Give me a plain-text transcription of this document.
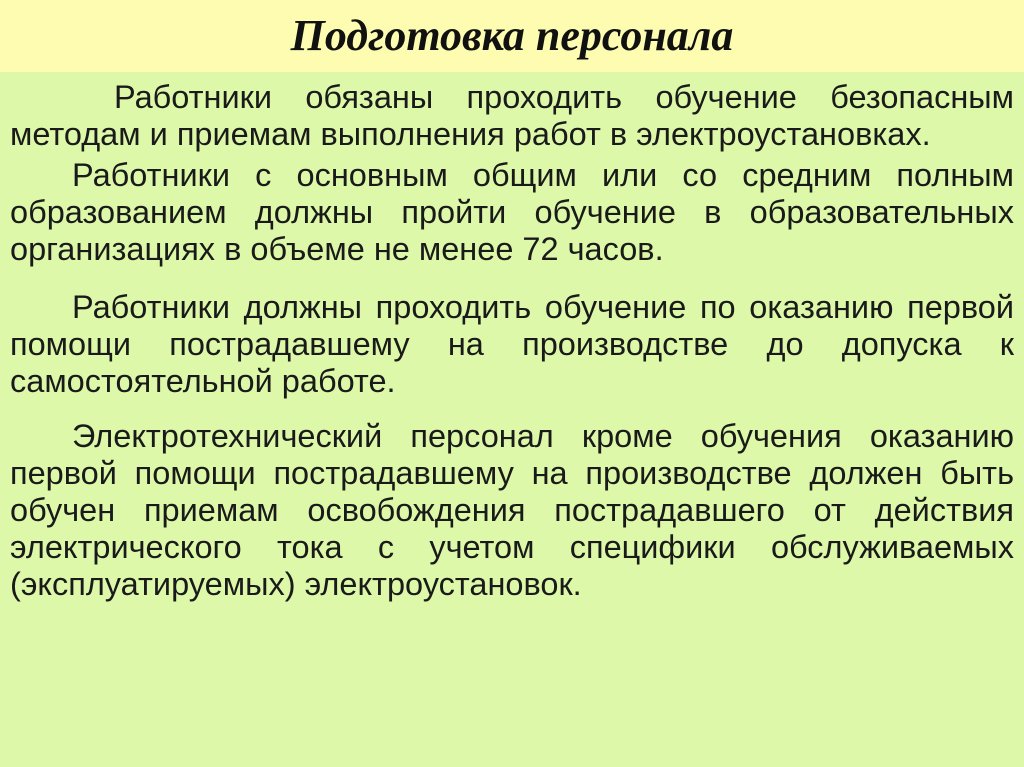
Подготовка персонала

Работники обязаны проходить обучение безопасным методам и приемам выполнения работ в электроустановках.

Работники с основным общим или со средним полным образованием должны пройти обучение в образовательных организациях в объеме не менее 72 часов.

Работники должны проходить обучение по оказанию первой помощи пострадавшему на производстве до допуска к самостоятельной работе.

Электротехнический персонал кроме обучения оказанию первой помощи пострадавшему на производстве должен быть обучен приемам освобождения пострадавшего от действия электрического тока с учетом специфики обслуживаемых (эксплуатируемых) электроустановок.
